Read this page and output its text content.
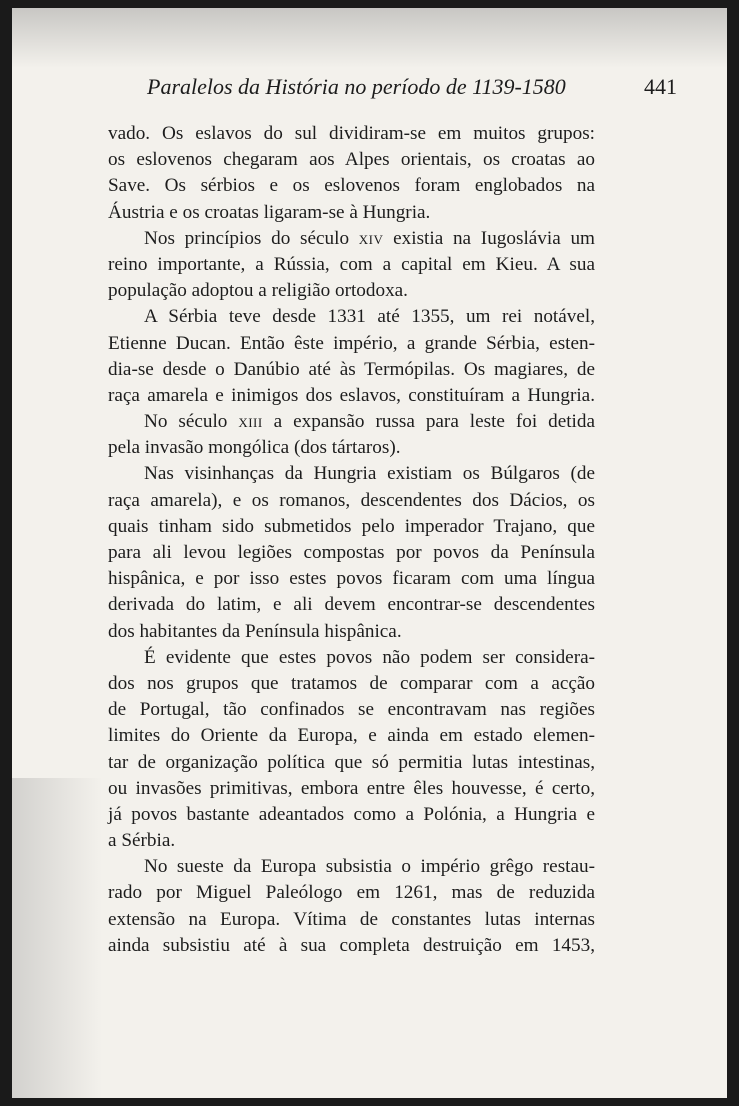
Paralelos da História no período de 1139-1580	441
vado. Os eslavos do sul dividiram-se em muitos grupos:
os eslovenos chegaram aos Alpes orientais, os croatas ao
Save. Os sérbios e os eslovenos foram englobados na
Áustria e os croatas ligaram-se à Hungria.
Nos princípios do século xiv existia na Iugoslávia um
reino importante, a Rússia, com a capital em Kieu. A sua
população adoptou a religião ortodoxa.
A Sérbia teve desde 1331 até 1355, um rei notável,
Etienne Ducan. Então êste império, a grande Sérbia, esten-
dia-se desde o Danúbio até às Termópilas. Os magiares, de
raça amarela e inimigos dos eslavos, constituíram a Hungria.
No século xiii a expansão russa para leste foi detida
pela invasão mongólica (dos tártaros).
Nas visinhanças da Hungria existiam os Búlgaros (de
raça amarela), e os romanos, descendentes dos Dácios, os
quais tinham sido submetidos pelo imperador Trajano, que
para ali levou legiões compostas por povos da Península
hispânica, e por isso estes povos ficaram com uma língua
derivada do latim, e ali devem encontrar-se descendentes
dos habitantes da Península hispânica.
É evidente que estes povos não podem ser considera-
dos nos grupos que tratamos de comparar com a acção
de Portugal, tão confinados se encontravam nas regiões
limites do Oriente da Europa, e ainda em estado elemen-
tar de organização política que só permitia lutas intestinas,
ou invasões primitivas, embora entre êles houvesse, é certo,
já povos bastante adeantados como a Polónia, a Hungria e
a Sérbia.
No sueste da Europa subsistia o império grêgo restau-
rado por Miguel Paleólogo em 1261, mas de reduzida
extensão na Europa. Vítima de constantes lutas internas
ainda subsistiu até à sua completa destruição em 1453,
